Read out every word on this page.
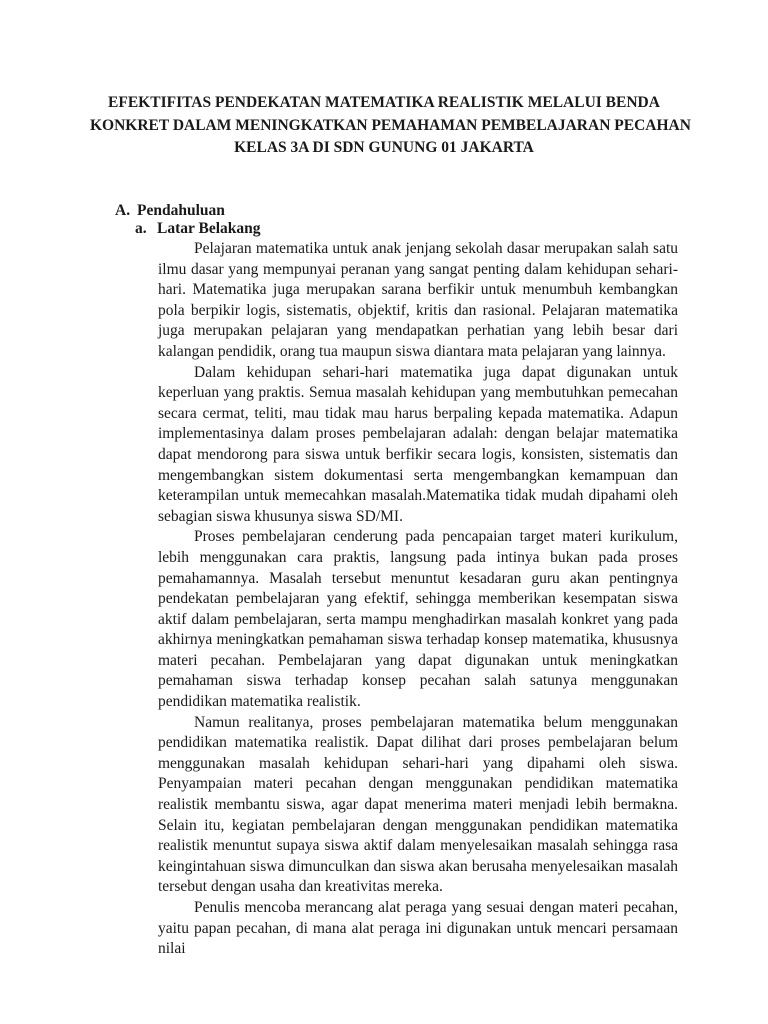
EFEKTIFITAS PENDEKATAN MATEMATIKA REALISTIK MELALUI BENDA
KONKRET DALAM MENINGKATKAN PEMAHAMAN PEMBELAJARAN PECAHAN
KELAS 3A DI SDN GUNUNG 01 JAKARTA
A. Pendahuluan
a. Latar Belakang

Pelajaran matematika untuk anak jenjang sekolah dasar merupakan salah satu ilmu dasar yang mempunyai peranan yang sangat penting dalam kehidupan sehari-hari. Matematika juga merupakan sarana berfikir untuk menumbuh kembangkan pola berpikir logis, sistematis, objektif, kritis dan rasional. Pelajaran matematika juga merupakan pelajaran yang mendapatkan perhatian yang lebih besar dari kalangan pendidik, orang tua maupun siswa diantara mata pelajaran yang lainnya.

Dalam kehidupan sehari-hari matematika juga dapat digunakan untuk keperluan yang praktis. Semua masalah kehidupan yang membutuhkan pemecahan secara cermat, teliti, mau tidak mau harus berpaling kepada matematika. Adapun implementasinya dalam proses pembelajaran adalah: dengan belajar matematika dapat mendorong para siswa untuk berfikir secara logis, konsisten, sistematis dan mengembangkan sistem dokumentasi serta mengembangkan kemampuan dan keterampilan untuk memecahkan masalah.Matematika tidak mudah dipahami oleh sebagian siswa khusunya siswa SD/MI.

Proses pembelajaran cenderung pada pencapaian target materi kurikulum, lebih menggunakan cara praktis, langsung pada intinya bukan pada proses pemahamannya. Masalah tersebut menuntut kesadaran guru akan pentingnya pendekatan pembelajaran yang efektif, sehingga memberikan kesempatan siswa aktif dalam pembelajaran, serta mampu menghadirkan masalah konkret yang pada akhirnya meningkatkan pemahaman siswa terhadap konsep matematika, khususnya materi pecahan. Pembelajaran yang dapat digunakan untuk meningkatkan pemahaman siswa terhadap konsep pecahan salah satunya menggunakan pendidikan matematika realistik.

Namun realitanya, proses pembelajaran matematika belum menggunakan pendidikan matematika realistik. Dapat dilihat dari proses pembelajaran belum menggunakan masalah kehidupan sehari-hari yang dipahami oleh siswa. Penyampaian materi pecahan dengan menggunakan pendidikan matematika realistik membantu siswa, agar dapat menerima materi menjadi lebih bermakna. Selain itu, kegiatan pembelajaran dengan menggunakan pendidikan matematika realistik menuntut supaya siswa aktif dalam menyelesaikan masalah sehingga rasa keingintahuan siswa dimunculkan dan siswa akan berusaha menyelesaikan masalah tersebut dengan usaha dan kreativitas mereka.

Penulis mencoba merancang alat peraga yang sesuai dengan materi pecahan, yaitu papan pecahan, di mana alat peraga ini digunakan untuk mencari persamaan nilai
